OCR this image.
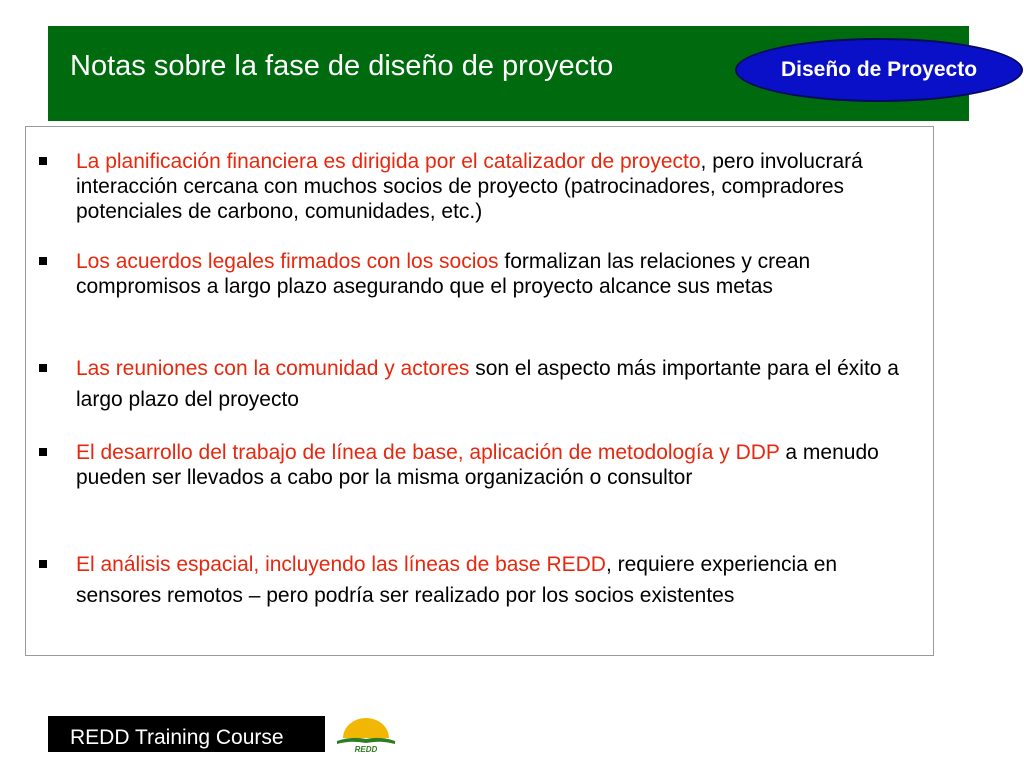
Notas sobre la fase de diseño de proyecto	Diseño de Proyecto
La planificación financiera es dirigida por el catalizador de proyecto, pero involucrará interacción cercana con muchos socios de proyecto (patrocinadores, compradores potenciales de carbono, comunidades, etc.)
Los acuerdos legales firmados con los socios formalizan las relaciones y crean compromisos a largo plazo asegurando que el proyecto alcance sus metas
Las reuniones con la comunidad y actores son el aspecto más importante para el éxito a largo plazo del proyecto
El desarrollo del trabajo de línea de base, aplicación de metodología y DDP a menudo pueden ser llevados a cabo por la misma organización o consultor
El análisis espacial, incluyendo las líneas de base REDD, requiere experiencia en sensores remotos – pero podría ser realizado por los socios existentes
REDD Training Course
REDD
